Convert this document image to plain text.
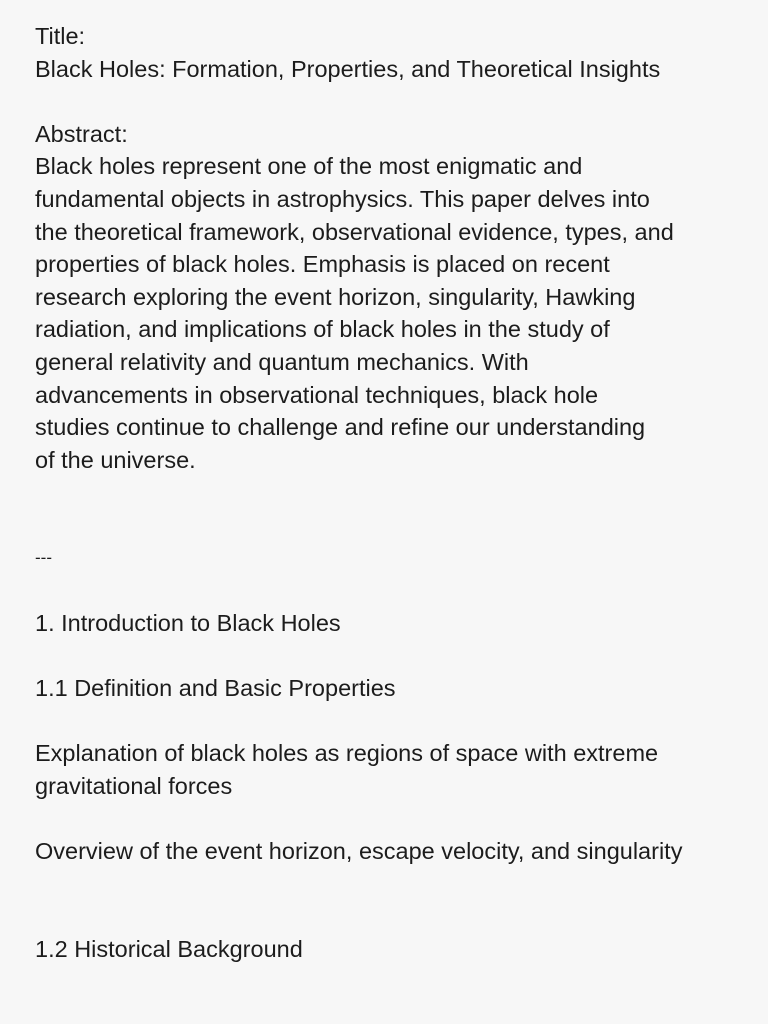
Title:
Black Holes: Formation, Properties, and Theoretical Insights

Abstract:
Black holes represent one of the most enigmatic and
fundamental objects in astrophysics. This paper delves into
the theoretical framework, observational evidence, types, and
properties of black holes. Emphasis is placed on recent
research exploring the event horizon, singularity, Hawking
radiation, and implications of black holes in the study of
general relativity and quantum mechanics. With
advancements in observational techniques, black hole
studies continue to challenge and refine our understanding
of the universe.

---

1. Introduction to Black Holes

1.1 Definition and Basic Properties

Explanation of black holes as regions of space with extreme
gravitational forces

Overview of the event horizon, escape velocity, and singularity

1.2 Historical Background
